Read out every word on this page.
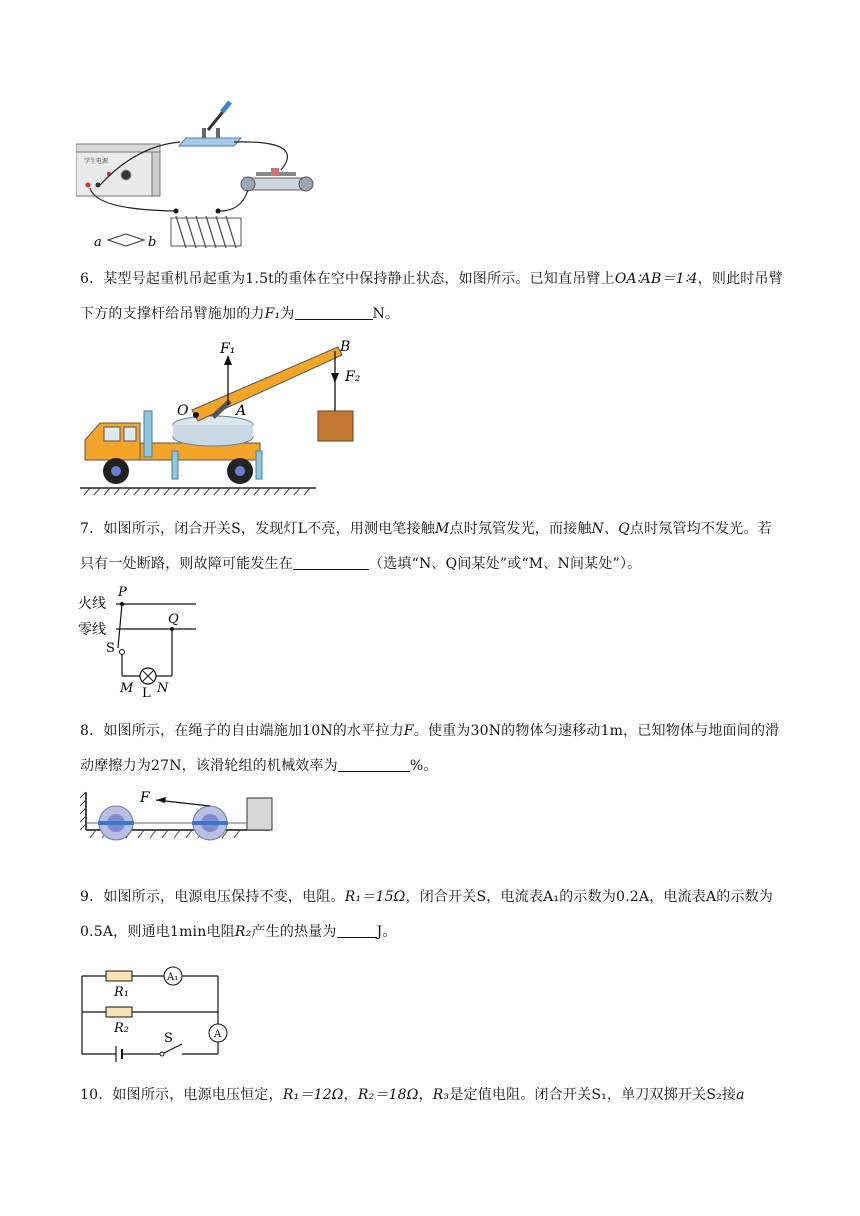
学生电源
a	b
6．某型号起重机吊起重为1.5t的重体在空中保持静止状态，如图所示。已知直吊臂上OA∶AB＝1∶4，则此时吊臂下方的支撑杆给吊臂施加的力F₁为	N。
F₁
F₂
B
O	A
7．如图所示，闭合开关S，发现灯L不亮，用测电笔接触M点时氖管发光，而接触N、Q点时氖管均不发光。若只有一处断路，则故障可能发生在	（选填“N、Q间某处”或“M、N间某处”）。
火线
零线
P
Q
S
M L N
8．如图所示，在绳子的自由端施加10N的水平拉力F。使重为30N的物体匀速移动1m，已知物体与地面间的滑动摩擦力为27N，该滑轮组的机械效率为	%。
F
9．如图所示，电源电压保持不变，电阻。R₁＝15Ω，闭合开关S，电流表A₁的示数为0.2A，电流表A的示数为0.5A，则通电1min电阻R₂产生的热量为	J。
A₁
R₁
R₂	A
S
10．如图所示，电源电压恒定，R₁＝12Ω，R₂＝18Ω，R₃是定值电阻。闭合开关S₁，单刀双掷开关S₂接a
